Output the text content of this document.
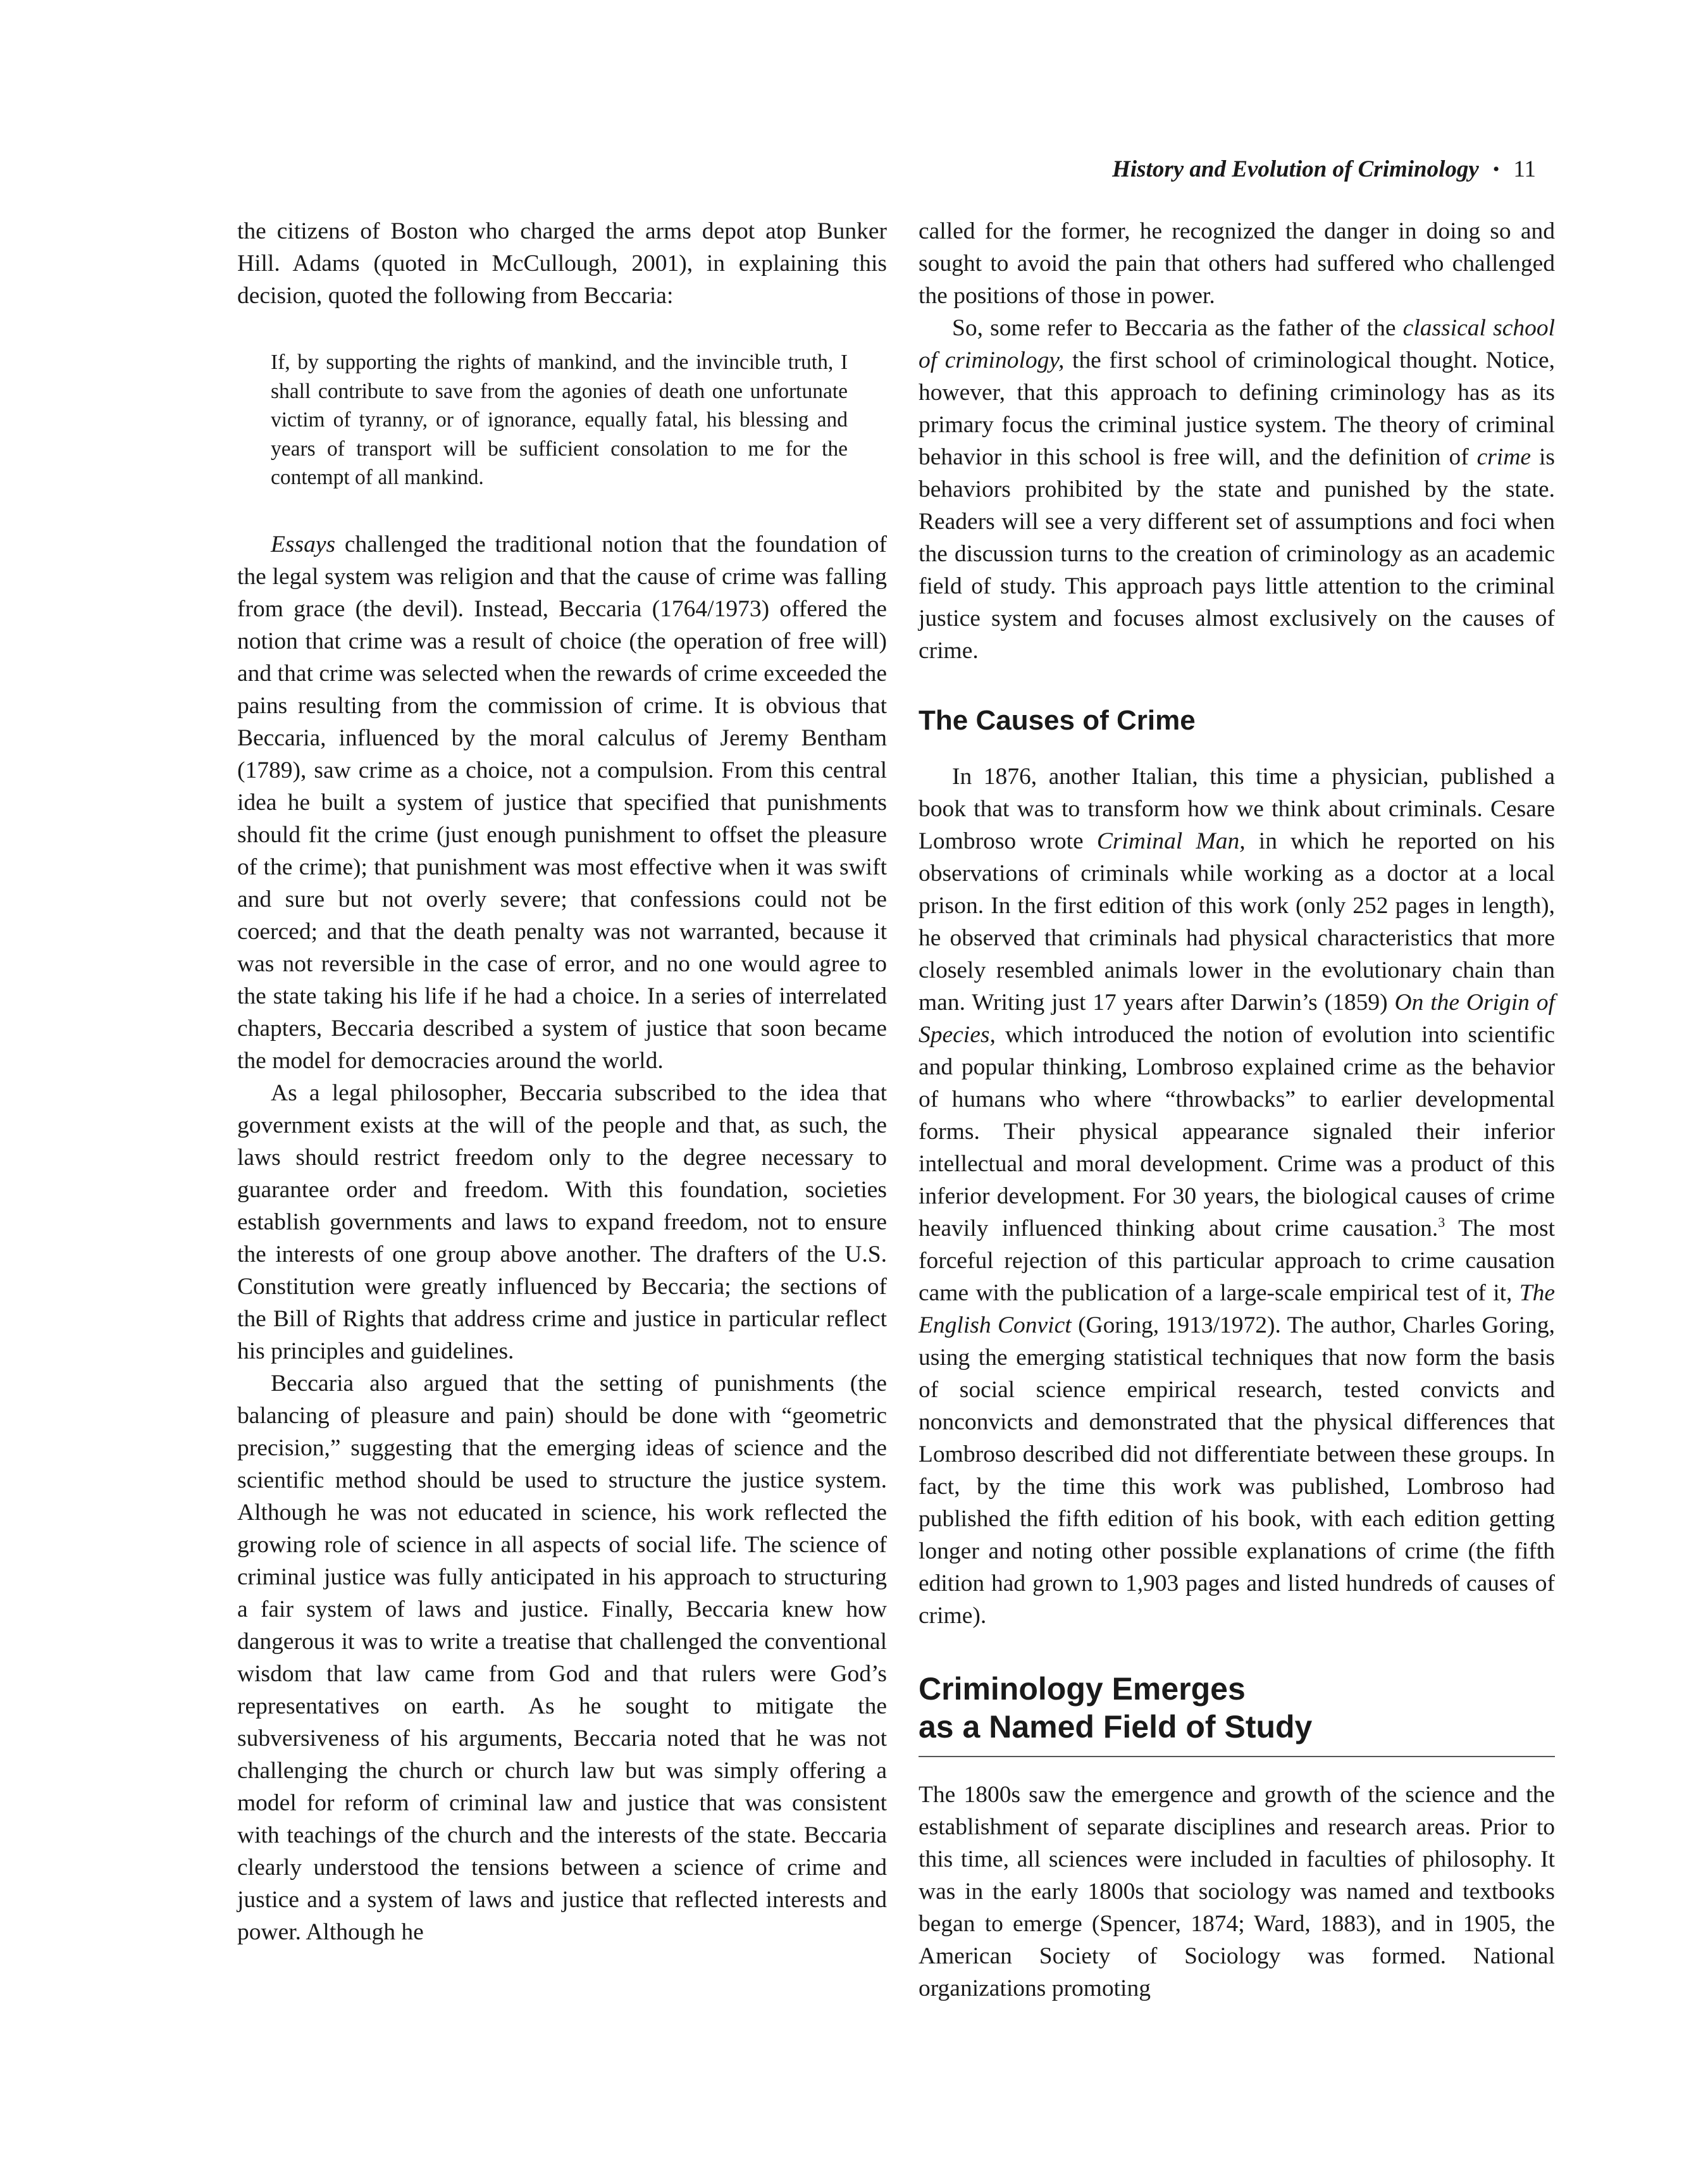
History and Evolution of Criminology • 11

the citizens of Boston who charged the arms depot atop Bunker Hill. Adams (quoted in McCullough, 2001), in explaining this decision, quoted the following from Beccaria:

If, by supporting the rights of mankind, and the invincible truth, I shall contribute to save from the agonies of death one unfortunate victim of tyranny, or of ignorance, equally fatal, his blessing and years of transport will be sufficient consolation to me for the contempt of all mankind.

Essays challenged the traditional notion that the foundation of the legal system was religion and that the cause of crime was falling from grace (the devil). Instead, Beccaria (1764/1973) offered the notion that crime was a result of choice (the operation of free will) and that crime was selected when the rewards of crime exceeded the pains resulting from the commission of crime. It is obvious that Beccaria, influenced by the moral calculus of Jeremy Bentham (1789), saw crime as a choice, not a compulsion. From this central idea he built a system of justice that specified that punishments should fit the crime (just enough punishment to offset the pleasure of the crime); that punishment was most effective when it was swift and sure but not overly severe; that confessions could not be coerced; and that the death penalty was not warranted, because it was not reversible in the case of error, and no one would agree to the state taking his life if he had a choice. In a series of interrelated chapters, Beccaria described a system of justice that soon became the model for democracies around the world.

As a legal philosopher, Beccaria subscribed to the idea that government exists at the will of the people and that, as such, the laws should restrict freedom only to the degree necessary to guarantee order and freedom. With this foundation, societies establish governments and laws to expand freedom, not to ensure the interests of one group above another. The drafters of the U.S. Constitution were greatly influenced by Beccaria; the sections of the Bill of Rights that address crime and justice in particular reflect his principles and guidelines.

Beccaria also argued that the setting of punishments (the balancing of pleasure and pain) should be done with “geometric precision,” suggesting that the emerging ideas of science and the scientific method should be used to structure the justice system. Although he was not educated in science, his work reflected the growing role of science in all aspects of social life. The science of criminal justice was fully anticipated in his approach to structuring a fair system of laws and justice. Finally, Beccaria knew how dangerous it was to write a treatise that challenged the conventional wisdom that law came from God and that rulers were God’s representatives on earth. As he sought to mitigate the subversiveness of his arguments, Beccaria noted that he was not challenging the church or church law but was simply offering a model for reform of criminal law and justice that was consistent with teachings of the church and the interests of the state. Beccaria clearly understood the tensions between a science of crime and justice and a system of laws and justice that reflected interests and power. Although he

called for the former, he recognized the danger in doing so and sought to avoid the pain that others had suffered who challenged the positions of those in power.

So, some refer to Beccaria as the father of the classical school of criminology, the first school of criminological thought. Notice, however, that this approach to defining criminology has as its primary focus the criminal justice system. The theory of criminal behavior in this school is free will, and the definition of crime is behaviors prohibited by the state and punished by the state. Readers will see a very different set of assumptions and foci when the discussion turns to the creation of criminology as an academic field of study. This approach pays little attention to the criminal justice system and focuses almost exclusively on the causes of crime.

The Causes of Crime

In 1876, another Italian, this time a physician, published a book that was to transform how we think about criminals. Cesare Lombroso wrote Criminal Man, in which he reported on his observations of criminals while working as a doctor at a local prison. In the first edition of this work (only 252 pages in length), he observed that criminals had physical characteristics that more closely resembled animals lower in the evolutionary chain than man. Writing just 17 years after Darwin’s (1859) On the Origin of Species, which introduced the notion of evolution into scientific and popular thinking, Lombroso explained crime as the behavior of humans who where “throwbacks” to earlier developmental forms. Their physical appearance signaled their inferior intellectual and moral development. Crime was a product of this inferior development. For 30 years, the biological causes of crime heavily influenced thinking about crime causation.$^3$ The most forceful rejection of this particular approach to crime causation came with the publication of a large-scale empirical test of it, The English Convict (Goring, 1913/1972). The author, Charles Goring, using the emerging statistical techniques that now form the basis of social science empirical research, tested convicts and nonconvicts and demonstrated that the physical differences that Lombroso described did not differentiate between these groups. In fact, by the time this work was published, Lombroso had published the fifth edition of his book, with each edition getting longer and noting other possible explanations of crime (the fifth edition had grown to 1,903 pages and listed hundreds of causes of crime).

Criminology Emerges
as a Named Field of Study

The 1800s saw the emergence and growth of the science and the establishment of separate disciplines and research areas. Prior to this time, all sciences were included in faculties of philosophy. It was in the early 1800s that sociology was named and textbooks began to emerge (Spencer, 1874; Ward, 1883), and in 1905, the American Society of Sociology was formed. National organizations promoting
